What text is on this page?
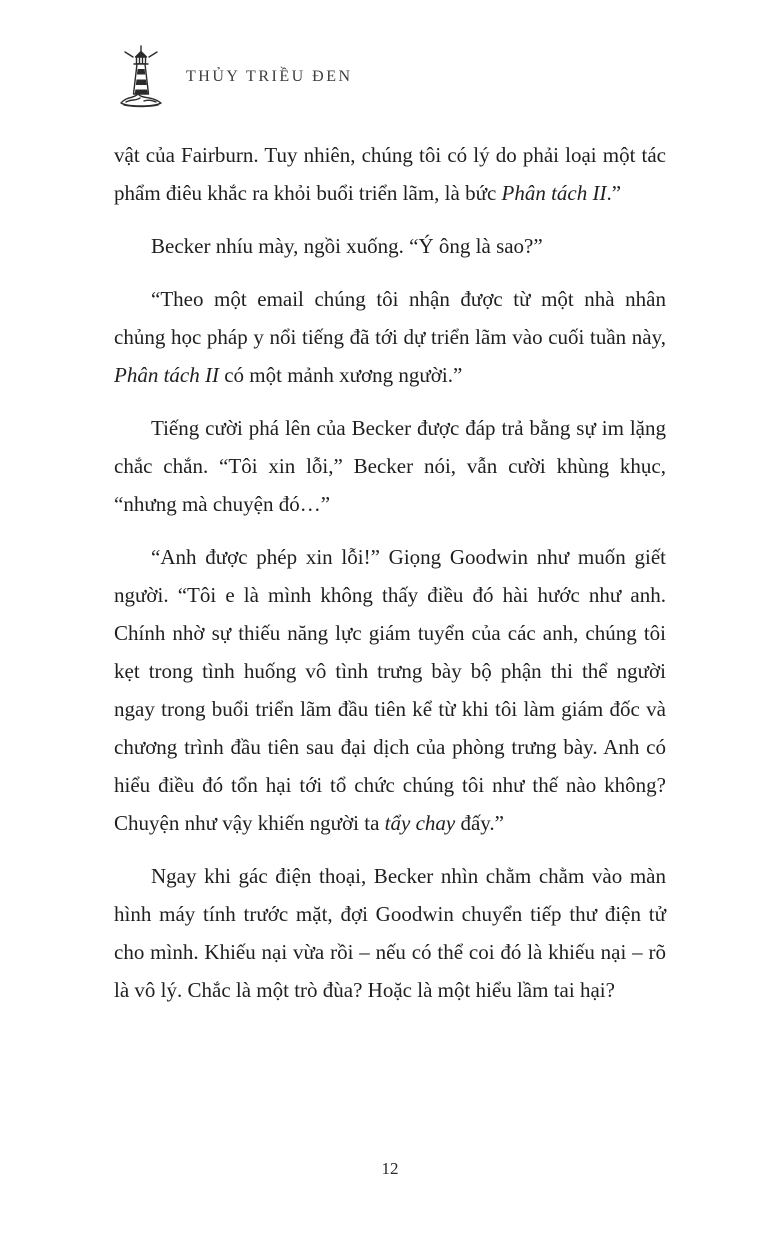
THỦY TRIỀU ĐEN

vật của Fairburn. Tuy nhiên, chúng tôi có lý do phải loại một tác phẩm điêu khắc ra khỏi buổi triển lãm, là bức Phân tách II.”

Becker nhíu mày, ngồi xuống. “Ý ông là sao?”

“Theo một email chúng tôi nhận được từ một nhà nhân chủng học pháp y nổi tiếng đã tới dự triển lãm vào cuối tuần này, Phân tách II có một mảnh xương người.”

Tiếng cười phá lên của Becker được đáp trả bằng sự im lặng chắc chắn. “Tôi xin lỗi,” Becker nói, vẫn cười khùng khục, “nhưng mà chuyện đó…”

“Anh được phép xin lỗi!” Giọng Goodwin như muốn giết người. “Tôi e là mình không thấy điều đó hài hước như anh. Chính nhờ sự thiếu năng lực giám tuyển của các anh, chúng tôi kẹt trong tình huống vô tình trưng bày bộ phận thi thể người ngay trong buổi triển lãm đầu tiên kể từ khi tôi làm giám đốc và chương trình đầu tiên sau đại dịch của phòng trưng bày. Anh có hiểu điều đó tổn hại tới tổ chức chúng tôi như thế nào không? Chuyện như vậy khiến người ta tẩy chay đấy.”

Ngay khi gác điện thoại, Becker nhìn chằm chằm vào màn hình máy tính trước mặt, đợi Goodwin chuyển tiếp thư điện tử cho mình. Khiếu nại vừa rồi – nếu có thể coi đó là khiếu nại – rõ là vô lý. Chắc là một trò đùa? Hoặc là một hiểu lầm tai hại?

12
